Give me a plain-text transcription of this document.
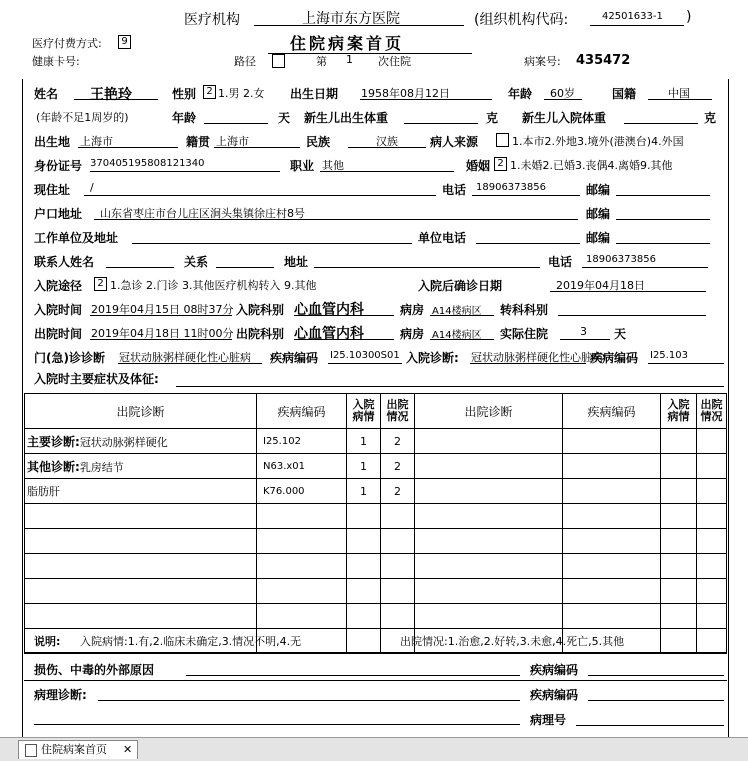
医疗机构	上海市东方医院	(组织机构代码:	42501633-1 )
医疗付费方式:	9	住院病案首页
健康卡号:	路径	第 1 次住院	病案号: 435472
姓名 王艳玲	性别	2 1.男 2.女 出生日期 1958年08月12日	年龄 60岁	国籍	中国
(年龄不足1周岁的)	年龄	天 新生儿出生体重	克 新生儿入院体重	克
出生地 上海市	籍贯 上海市	民族	汉族	病人来源	1.本市2.外地3.境外(港澳台)4.外国
身份证号 370405195808121340	职业 其他	婚姻 2 1.未婚2.已婚3.丧偶4.离婚9.其他
现住址 /	电话 18906373856	邮编
户口地址 山东省枣庄市台儿庄区涧头集镇徐庄村8号	邮编
工作单位及地址	单位电话	邮编
联系人姓名	关系	地址	电话 18906373856
入院途径	2 1.急诊 2.门诊 3.其他医疗机构转入 9.其他	入院后确诊日期	2019年04月18日
入院时间 2019年04月15日 08时37分 入院科别 心血管内科	病房 A14楼病区 转科科别
出院时间 2019年04月18日 11时00分 出院科别 心血管内科	病房 A14楼病区 实际住院	3 天
门(急)诊诊断 冠状动脉粥样硬化性心脏病	疾病编码 I25.10300S01 入院诊断: 冠状动脉粥样硬化性心脏病
疾病编码 I25.103
入院时主要症状及体征:
出院诊断	疾病编码	入院病情	出院情况	出院诊断	疾病编码	入院病情	出院情况
主要诊断:冠状动脉粥样硬化	I25.102	1	2				
其他诊断:乳房结节	N63.x01	1	2				
脂肪肝	K76.000	1	2				

说明: 入院病情:1.有,2.临床未确定,3.情况不明,4.无	出院情况:1.治愈,2.好转,3.未愈,4.死亡,5.其他
损伤、中毒的外部原因	疾病编码
病理诊断:	疾病编码
病理号
住院病案首页 ✕
